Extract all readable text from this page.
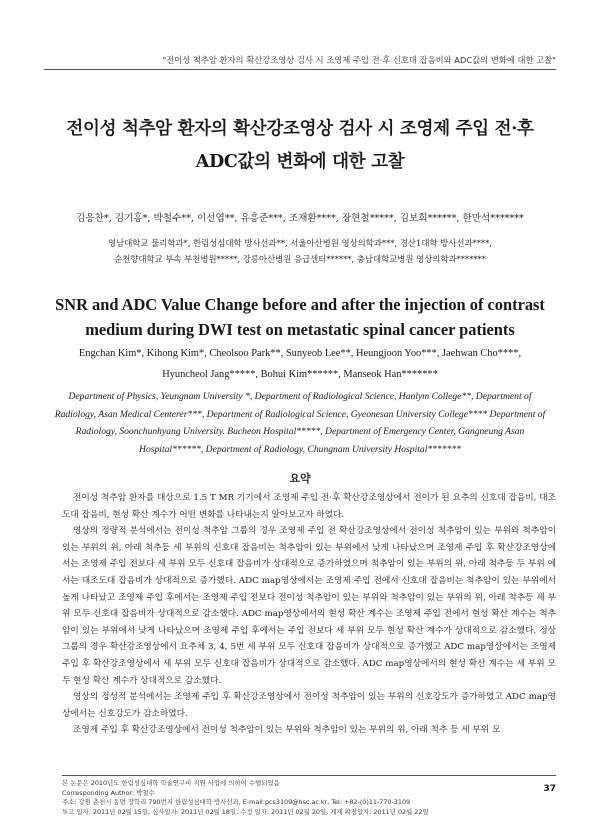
"전이성 척추암 환자의 확산강조영상 검사 시 조영제 주입 전·후 신호대 잡음비와 ADC값의 변화에 대한 고찰"
전이성 척추암 환자의 확산강조영상 검사 시 조영제 주입 전·후
ADC값의 변화에 대한 고찰
김응찬*, 김기홍*, 박철수**, 이선엽**, 유흥준***, 조재환****, 장현철*****, 김보희******, 한만석*******
영남대학교 물리학과*, 한림성심대학 방사선과**, 서울아산병원 영상의학과***, 경산1대학 방사선과****,
순천향대학교 부속 부천병원*****, 강릉아산병원 응급센터******, 충남대학교병원 영상의학과*******
SNR and ADC Value Change before and after the injection of contrast
medium during DWI test on metastatic spinal cancer patients
Engchan Kim*, Kihong Kim*, Cheolsoo Park**, Sunyeob Lee**, Heungjoon Yoo***, Jaehwan Cho****,
Hyuncheol Jang*****, Bohui Kim******, Manseok Han*******
Department of Physics, Yeungnam University *, Department of Radiological Science, Hanlym College**, Department of
Radiology, Asan Medical Centerer***, Department of Radiological Science, Gyeonesan University College**** Department of
Radiology, Soonchunhyang University. Bucheon Hospital*****, Department of Emergency Center, Gangneung Asan
Hospital******, Department of Radiology, Chungnam University Hospital*******
요약

전이성 척추암 환자를 대상으로 1.5 T MR 기기에서 조영제 주입 전·후 확산강조영상에서 전이가 된 요추의 신호대 잡음비, 대조도대 잡음비, 현성 확산 계수가 어떤 변화를 나타내는지 알아보고자 하였다.

영상의 정량적 분석에서는 전이성 척추암 그룹의 경우 조영제 주입 전 확산강조영상에서 전이성 척추암이 있는 부위와 척추암이 있는 부위의 위, 아래 척추등 세 부위의 신호대 잡음비는 척추암이 있는 부위에서 낮게 나타났으며 조영제 주입 후 확산강조영상에서는 조영제 주입 전보다 세 부위 모두 신호대 잡음비가 상대적으로 증가하였으며 척추암이 있는 부위의 위, 아래 척추등 두 부위 에서는 대조도대 잡음비가 상대적으로 증가했다. ADC map영상에서는 조영제 주입 전에서 신호대 잡음비는 척추암이 있는 부위에서 높게 나타났고 조영제 주입 후에서는 조영제 주입 전보다 전이성 척추암이 있는 부위와 척추암이 있는 부위의 위, 아래 척추등 세 부위 모두 신호대 잡음비가 상대적으로 감소했다. ADC map영상에서의 현성 확산 계수는 조영제 주입 전에서 현성 확산 계수는 척추암이 있는 부위에서 낮게 나타났으며 조영제 주입 후에서는 주입 전보다 세 부위 모두 현성 확산 계수가 상대적으로 감소했다. 정상 그룹의 경우 확산강조영상에서 요추체 3, 4, 5번 세 부위 모두 신호대 잡음비가 상대적으로 증가했고 ADC map영상에서는 조영제 주입 후 확산강조영상에서 세 부위 모두 신호대 잡음비가 상대적으로 감소했다. ADC map영상에서의 현성 확산 계수는 세 부위 모두 현성 확산 계수가 상대적으로 감소했다.

영상의 정성적 분석에서는 조영제 주입 후 확산강조영상에서 전이성 척추암이 있는 부위의 신호강도가 증가하였고 ADC map영상에서는 신호강도가 감소하였다.

조영제 주입 후 확산강조영상에서 전이성 척추암이 있는 부위와 척추암이 있는 부위의 위, 아래 척추 등 세 부위 모

본 논문은 2010년도 한림성심대학 학술연구비 지원 사업에 의하여 수행되었음
Corresponding Author: 박철수
주소: 강원 춘천시 동면 장학리 790번지 한림성심대학 방사선과, E-mail:pcs3109@hsc.ac.kr, Tel: +82-(0)11-770-3109
투고 일자: 2011년 02월 15일, 심사일자: 2011년 02월 18일, 수정 일자: 2011년 02월 20일, 게재 확정일자: 2011년 02월 22일
37
